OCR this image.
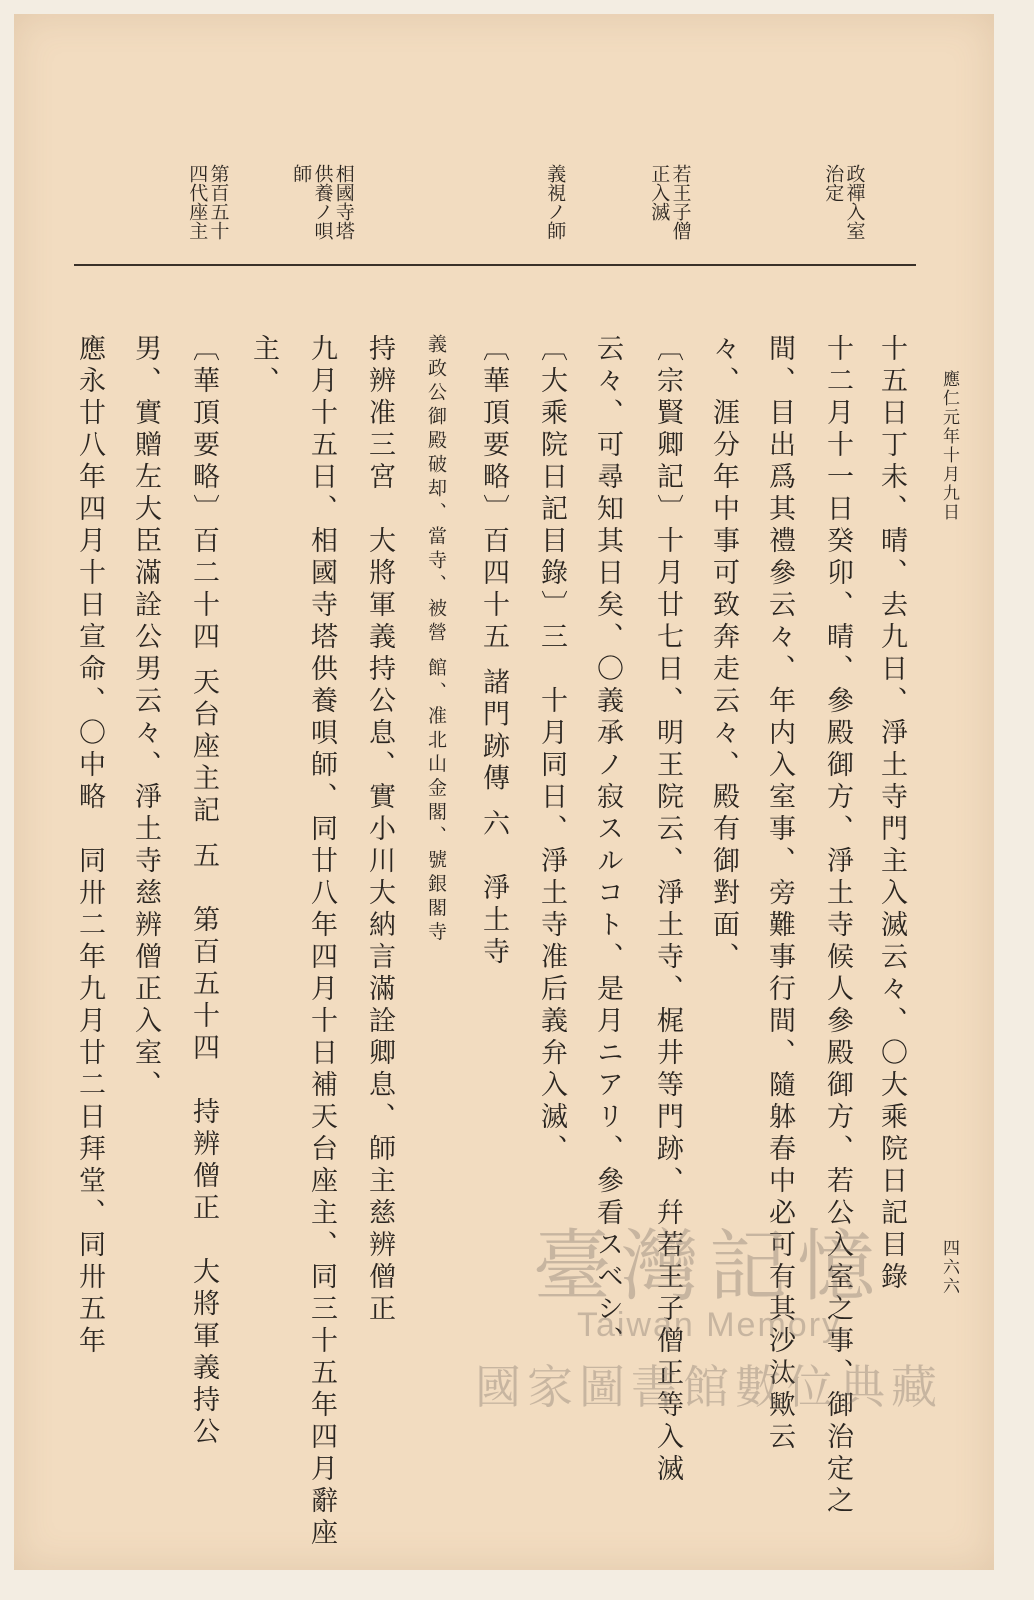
應仁元年十月九日
四六六
政禪入室
治定
若王子僧
正入滅
義視ノ師
相國寺塔
供養ノ唄
師
第百五十
四代座主
十五日丁未、晴、去九日、淨土寺門主入滅云々、〇大乘院日記目錄
十二月十一日癸卯、晴、參殿御方、淨土寺候人參殿御方、若公入室之事、御治定之
間、目出爲其禮參云々、年内入室事、旁難事行間、隨躰春中必可有其沙汰歟云
々、涯分年中事可致奔走云々、殿有御對面、
〔宗賢卿記〕十月廿七日、明王院云、淨土寺、梶井等門跡、幷若王子僧正等入滅
云々、可尋知其日矣、〇義承ノ寂スルコト、是月ニアリ、參看スベシ、
〔大乘院日記目錄〕三　十月同日、淨土寺准后義弁入滅、
〔華頂要略〕百四十五 諸門跡傳 六　淨土寺
義政公御殿破却、當寺、被營 館、准北山金閣、號銀閣寺
持辨准三宮　大將軍義持公息、實小川大納言滿詮卿息、師主慈辨僧正
九月十五日、相國寺塔供養唄師、同廿八年四月十日補天台座主、同三十五年四月辭座
主、
〔華頂要略〕百二十四 天台座主記 五　第百五十四　持辨僧正　大將軍義持公
男、實贈左大臣滿詮公男云々、淨土寺慈辨僧正入室、
應永廿八年四月十日宣命、〇中略　同卅二年九月廿二日拜堂、同卅五年	臺灣記憶
Taiwan Memory
國家圖書館數位典藏
